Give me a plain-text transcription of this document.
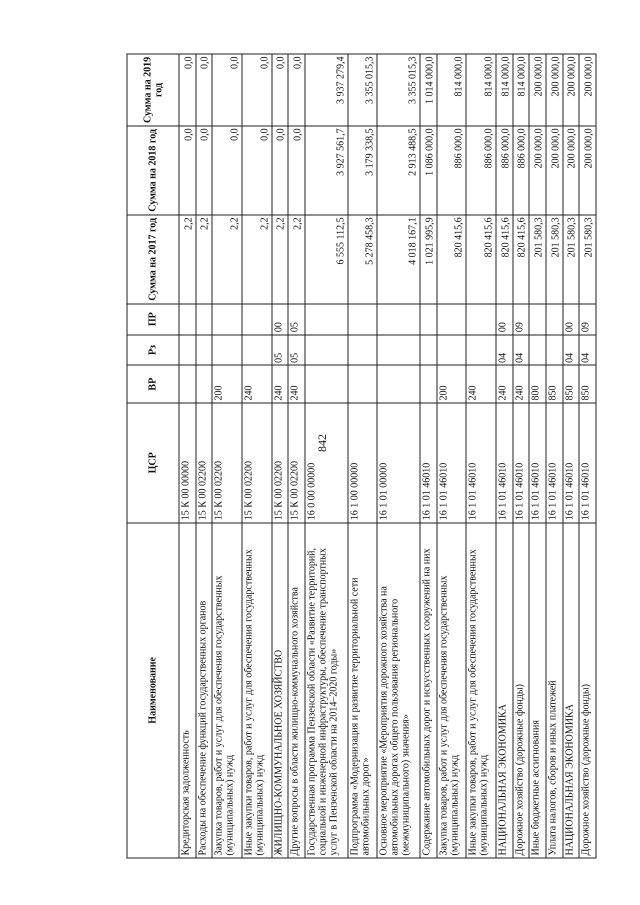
842
Наименование	ЦСР	ВР	Рз	ПР	Сумма на 2017 год	Сумма на 2018 год	Сумма на 2019 год
Кредиторская задолженность	15 К 00 00000				2,2	0,0	0,0
Расходы на обеспечение функций государственных органов	15 К 00 02200				2,2	0,0	0,0
Закупка товаров, работ и услуг для обеспечения государственных (муниципальных) нужд	15 К 00 02200	200			2,2	0,0	0,0
Иные закупки товаров, работ и услуг для обеспечения государственных (муниципальных) нужд	15 К 00 02200	240			2,2	0,0	0,0
ЖИЛИЩНО-КОММУНАЛЬНОЕ ХОЗЯЙСТВО	15 К 00 02200	240	05	00	2,2	0,0	0,0
Другие вопросы в области жилищно-коммунального хозяйства	15 К 00 02200	240	05	05	2,2	0,0	0,0
Государственная программа Пензенской области «Развитие территорий, социальной и инженерной инфраструктуры, обеспечение транспортных услуг в Пензенской области на 2014–2020 годы»	16 0 00 00000				6 555 112,5	3 927 561,7	3 937 279,4
Подпрограмма «Модернизация и развитие территориальной сети автомобильных дорог»	16 1 00 00000				5 278 458,3	3 179 338,5	3 355 015,3
Основное мероприятие «Мероприятия дорожного хозяйства на автомобильных дорогах общего пользования регионального (межмуниципального) значения»	16 1 01 00000				4 018 167,1	2 913 488,5	3 355 015,3
Содержание автомобильных дорог и искусственных сооружений на них	16 1 01 46010				1 021 995,9	1 086 000,0	1 014 000,0
Закупка товаров, работ и услуг для обеспечения государственных (муниципальных) нужд	16 1 01 46010	200			820 415,6	886 000,0	814 000,0
Иные закупки товаров, работ и услуг для обеспечения государственных (муниципальных) нужд	16 1 01 46010	240			820 415,6	886 000,0	814 000,0
НАЦИОНАЛЬНАЯ ЭКОНОМИКА	16 1 01 46010	240	04	00	820 415,6	886 000,0	814 000,0
Дорожное хозяйство (дорожные фонды)	16 1 01 46010	240	04	09	820 415,6	886 000,0	814 000,0
Иные бюджетные ассигнования	16 1 01 46010	800			201 580,3	200 000,0	200 000,0
Уплата налогов, сборов и иных платежей	16 1 01 46010	850			201 580,3	200 000,0	200 000,0
НАЦИОНАЛЬНАЯ ЭКОНОМИКА	16 1 01 46010	850	04	00	201 580,3	200 000,0	200 000,0
Дорожное хозяйство (дорожные фонды)	16 1 01 46010	850	04	09	201 580,3	200 000,0	200 000,0
